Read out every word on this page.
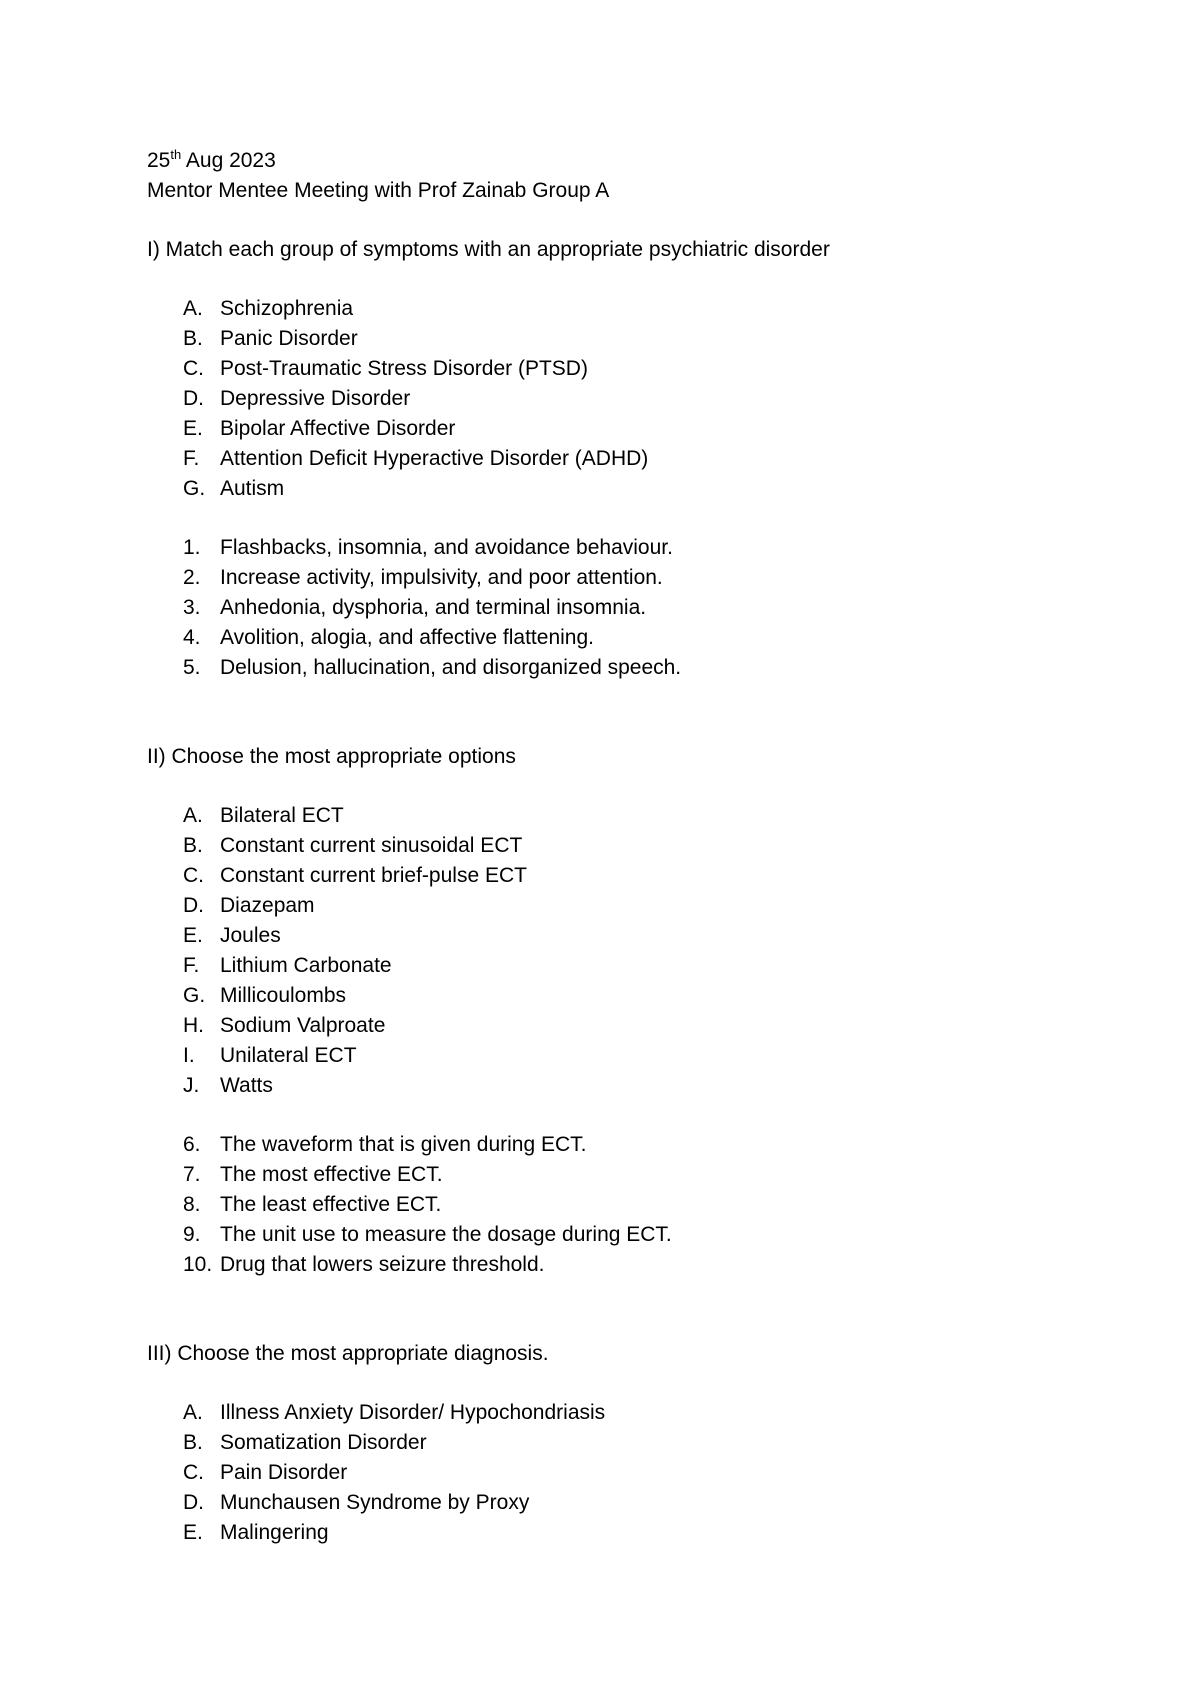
25th Aug 2023

Mentor Mentee Meeting with Prof Zainab Group A

I) Match each group of symptoms with an appropriate psychiatric disorder

A. Schizophrenia
B. Panic Disorder
C. Post-Traumatic Stress Disorder (PTSD)
D. Depressive Disorder
E. Bipolar Affective Disorder
F. Attention Deficit Hyperactive Disorder (ADHD)
G. Autism
1. Flashbacks, insomnia, and avoidance behaviour.
2. Increase activity, impulsivity, and poor attention.
3. Anhedonia, dysphoria, and terminal insomnia.
4. Avolition, alogia, and affective flattening.
5. Delusion, hallucination, and disorganized speech.

II) Choose the most appropriate options

A. Bilateral ECT
B. Constant current sinusoidal ECT
C. Constant current brief-pulse ECT
D. Diazepam
E. Joules
F. Lithium Carbonate
G. Millicoulombs
H. Sodium Valproate
I. Unilateral ECT
J. Watts
6. The waveform that is given during ECT.
7. The most effective ECT.
8. The least effective ECT.
9. The unit use to measure the dosage during ECT.
10. Drug that lowers seizure threshold.

III) Choose the most appropriate diagnosis.

A. Illness Anxiety Disorder/ Hypochondriasis
B. Somatization Disorder
C. Pain Disorder
D. Munchausen Syndrome by Proxy
E. Malingering
